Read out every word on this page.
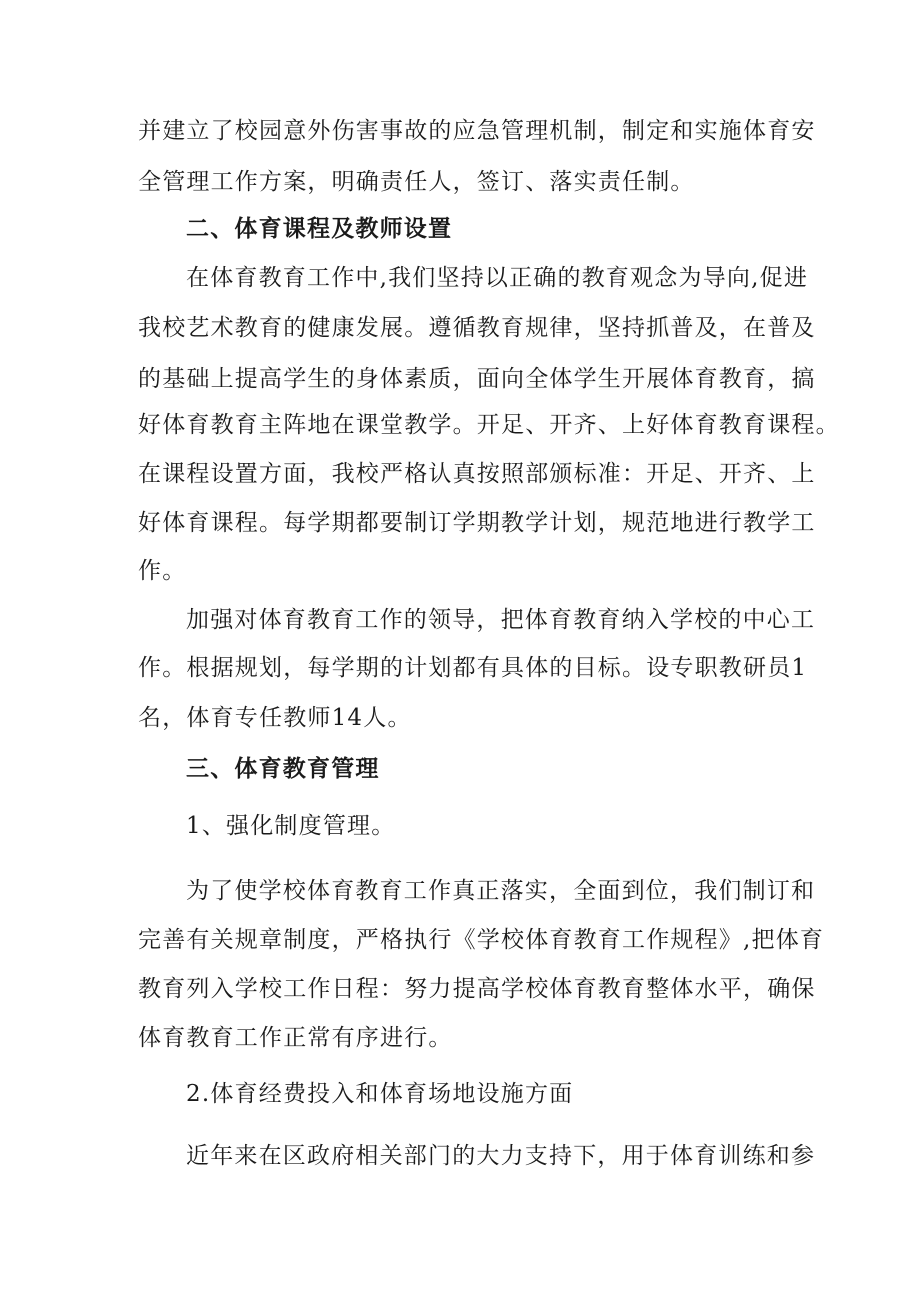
并建立了校园意外伤害事故的应急管理机制，制定和实施体育安
全管理工作方案，明确责任人，签订、落实责任制。
二、体育课程及教师设置
在体育教育工作中,我们坚持以正确的教育观念为导向,促进
我校艺术教育的健康发展。遵循教育规律，坚持抓普及，在普及
的基础上提高学生的身体素质，面向全体学生开展体育教育，搞
好体育教育主阵地在课堂教学。开足、开齐、上好体育教育课程。
在课程设置方面，我校严格认真按照部颁标准：开足、开齐、上
好体育课程。每学期都要制订学期教学计划，规范地进行教学工
作。
加强对体育教育工作的领导，把体育教育纳入学校的中心工
作。根据规划，每学期的计划都有具体的目标。设专职教研员1
名，体育专任教师14人。
三、体育教育管理
1、强化制度管理。
为了使学校体育教育工作真正落实，全面到位，我们制订和
完善有关规章制度，严格执行《学校体育教育工作规程》,把体育
教育列入学校工作日程：努力提高学校体育教育整体水平，确保
体育教育工作正常有序进行。
2.体育经费投入和体育场地设施方面
近年来在区政府相关部门的大力支持下，用于体育训练和参
